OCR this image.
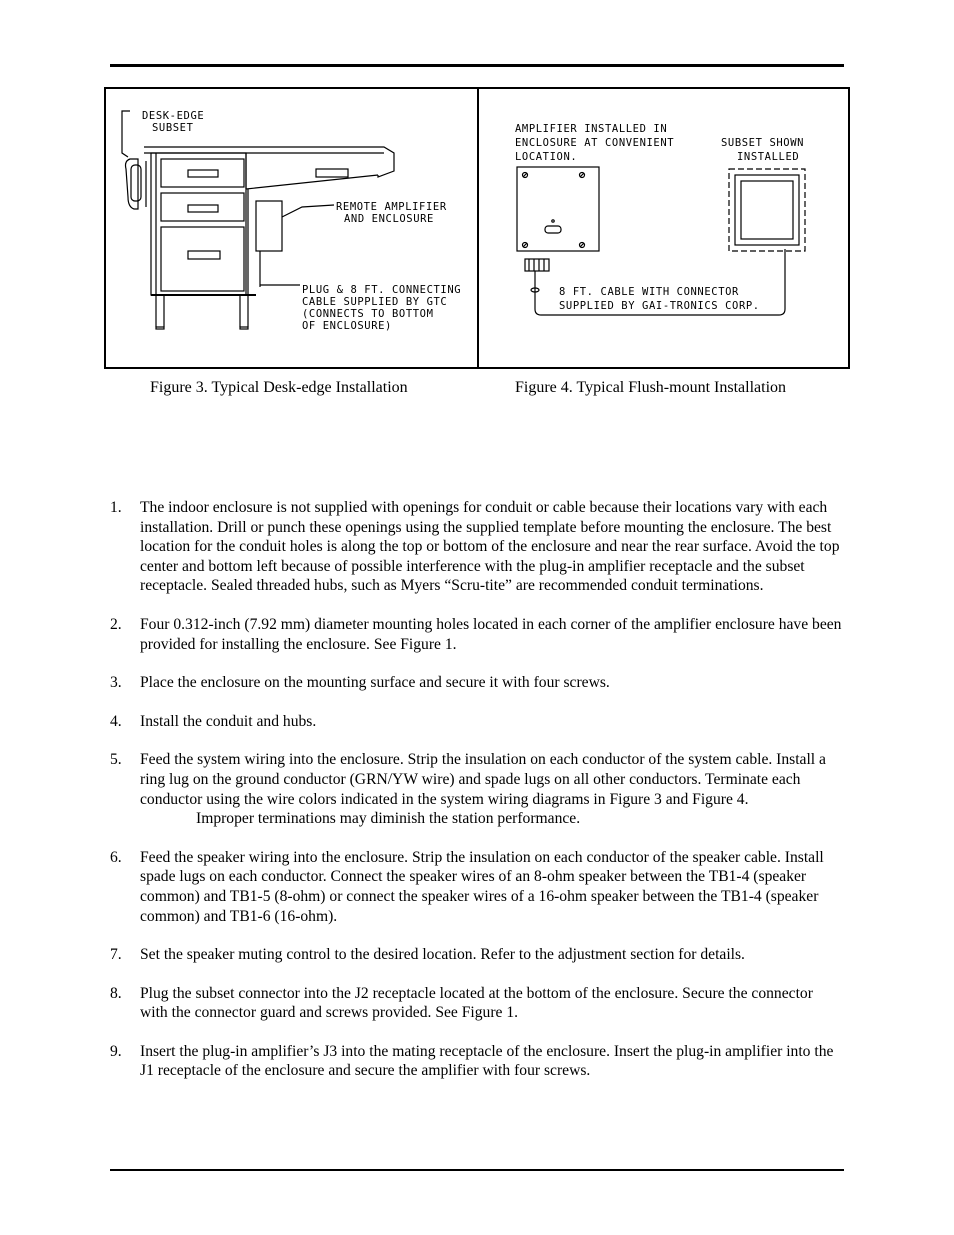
DESK-EDGE
SUBSET
REMOTE AMPLIFIER
AND ENCLOSURE
PLUG & 8 FT. CONNECTING
CABLE SUPPLIED BY GTC
(CONNECTS TO BOTTOM
OF ENCLOSURE)
AMPLIFIER INSTALLED IN
ENCLOSURE AT CONVENIENT
LOCATION.
SUBSET SHOWN
INSTALLED
8 FT. CABLE WITH CONNECTOR
SUPPLIED BY GAI-TRONICS CORP.
Figure 3. Typical Desk-edge Installation	Figure 4. Typical Flush-mount Installation
1. The indoor enclosure is not supplied with openings for conduit or cable because their locations vary with each installation. Drill or punch these openings using the supplied template before mounting the enclosure. The best location for the conduit holes is along the top or bottom of the enclosure and near the rear surface. Avoid the top center and bottom left because of possible interference with the plug-in amplifier receptacle and the subset receptacle. Sealed threaded hubs, such as Myers “Scru-tite” are recommended conduit terminations.
2. Four 0.312-inch (7.92 mm) diameter mounting holes located in each corner of the amplifier enclosure have been provided for installing the enclosure. See Figure 1.
3. Place the enclosure on the mounting surface and secure it with four screws.
4. Install the conduit and hubs.
5. Feed the system wiring into the enclosure. Strip the insulation on each conductor of the system cable. Install a ring lug on the ground conductor (GRN/YW wire) and spade lugs on all other conductors. Terminate each conductor using the wire colors indicated in the system wiring diagrams in Figure 3 and Figure 4.
Improper terminations may diminish the station performance.
6. Feed the speaker wiring into the enclosure. Strip the insulation on each conductor of the speaker cable. Install spade lugs on each conductor. Connect the speaker wires of an 8-ohm speaker between the TB1-4 (speaker common) and TB1-5 (8-ohm) or connect the speaker wires of a 16-ohm speaker between the TB1-4 (speaker common) and TB1-6 (16-ohm).
7. Set the speaker muting control to the desired location. Refer to the adjustment section for details.
8. Plug the subset connector into the J2 receptacle located at the bottom of the enclosure. Secure the connector with the connector guard and screws provided. See Figure 1.
9. Insert the plug-in amplifier’s J3 into the mating receptacle of the enclosure. Insert the plug-in amplifier into the J1 receptacle of the enclosure and secure the amplifier with four screws.
